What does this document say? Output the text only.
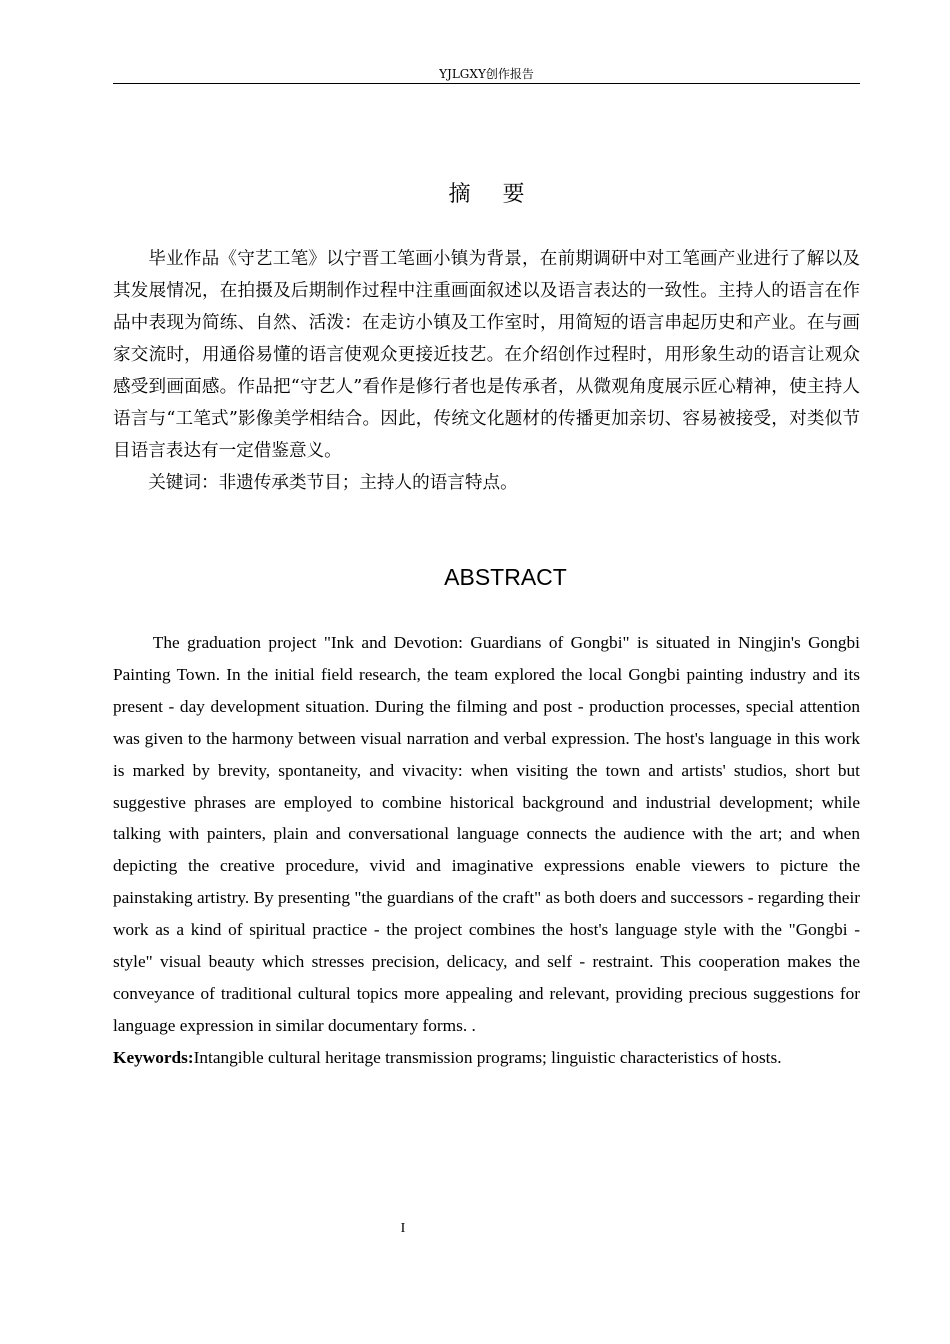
YJLGXY创作报告
摘要

毕业作品《守艺工笔》以宁晋工笔画小镇为背景，在前期调研中对工笔画产业进行了解以及其发展情况，在拍摄及后期制作过程中注重画面叙述以及语言表达的一致性。主持人的语言在作品中表现为简练、自然、活泼：在走访小镇及工作室时，用简短的语言串起历史和产业。在与画家交流时，用通俗易懂的语言使观众更接近技艺。在介绍创作过程时，用形象生动的语言让观众感受到画面感。作品把“守艺人”看作是修行者也是传承者，从微观角度展示匠心精神，使主持人语言与“工笔式”影像美学相结合。因此，传统文化题材的传播更加亲切、容易被接受，对类似节目语言表达有一定借鉴意义。

关键词：非遗传承类节目；主持人的语言特点。

ABSTRACT

The graduation project "Ink and Devotion: Guardians of Gongbi" is situated in Ningjin's Gongbi Painting Town. In the initial field research, the team explored the local Gongbi painting industry and its present - day development situation. During the filming and post - production processes, special attention was given to the harmony between visual narration and verbal expression. The host's language in this work is marked by brevity, spontaneity, and vivacity: when visiting the town and artists' studios, short but suggestive phrases are employed to combine historical background and industrial development; while talking with painters, plain and conversational language connects the audience with the art; and when depicting the creative procedure, vivid and imaginative expressions enable viewers to picture the painstaking artistry. By presenting "the guardians of the craft" as both doers and successors - regarding their work as a kind of spiritual practice - the project combines the host's language style with the "Gongbi - style" visual beauty which stresses precision, delicacy, and self - restraint. This cooperation makes the conveyance of traditional cultural topics more appealing and relevant, providing precious suggestions for language expression in similar documentary forms. .

Keywords:Intangible cultural heritage transmission programs; linguistic characteristics of hosts.

I
